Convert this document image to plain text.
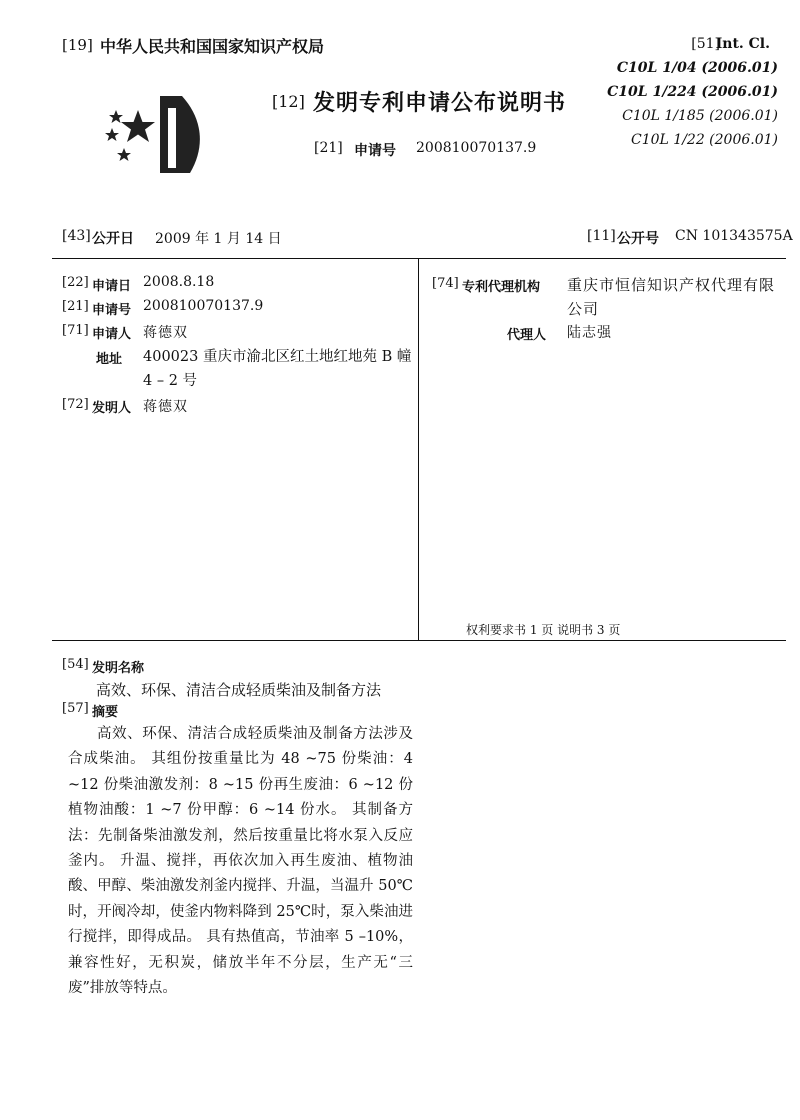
[19] 中华人民共和国国家知识产权局
[12] 发明专利申请公布说明书
[21] 申请号 200810070137.9
[51]
Int. Cl.
C10L 1/04 (2006.01)
C10L 1/224 (2006.01)
C10L 1/185 (2006.01)
C10L 1/22 (2006.01)
[43] 公开日 2009 年 1 月 14 日	[11] 公开号 CN 101343575A
[22] 申请日 2008.8.18
[21] 申请号 200810070137.9
[71] 申请人 蒋德双
地址 400023 重庆市渝北区红土地红地苑 B 幢 4 – 2 号
[72] 发明人 蒋德双
[74] 专利代理机构 重庆市恒信知识产权代理有限公司
代理人 陆志强
权利要求书 1 页 说明书 3 页
[54] 发明名称
高效、环保、清洁合成轻质柴油及制备方法
[57] 摘要
高效、环保、清洁合成轻质柴油及制备方法涉及合成柴油。 其组份按重量比为 48 ~75 份柴油：4 ~12 份柴油激发剂：8 ~15 份再生废油：6 ~12 份植物油酸：1 ~7 份甲醇：6 ~14 份水。 其制备方法：先制备柴油激发剂，然后按重量比将水泵入反应釜内。 升温、搅拌，再依次加入再生废油、植物油酸、甲醇、柴油激发剂釜内搅拌、升温，当温升 50℃时，开阀冷却，使釜内物料降到 25℃时，泵入柴油进行搅拌，即得成品。 具有热值高，节油率 5 –10%，兼容性好，无积炭，储放半年不分层，生产无“三废”排放等特点。
